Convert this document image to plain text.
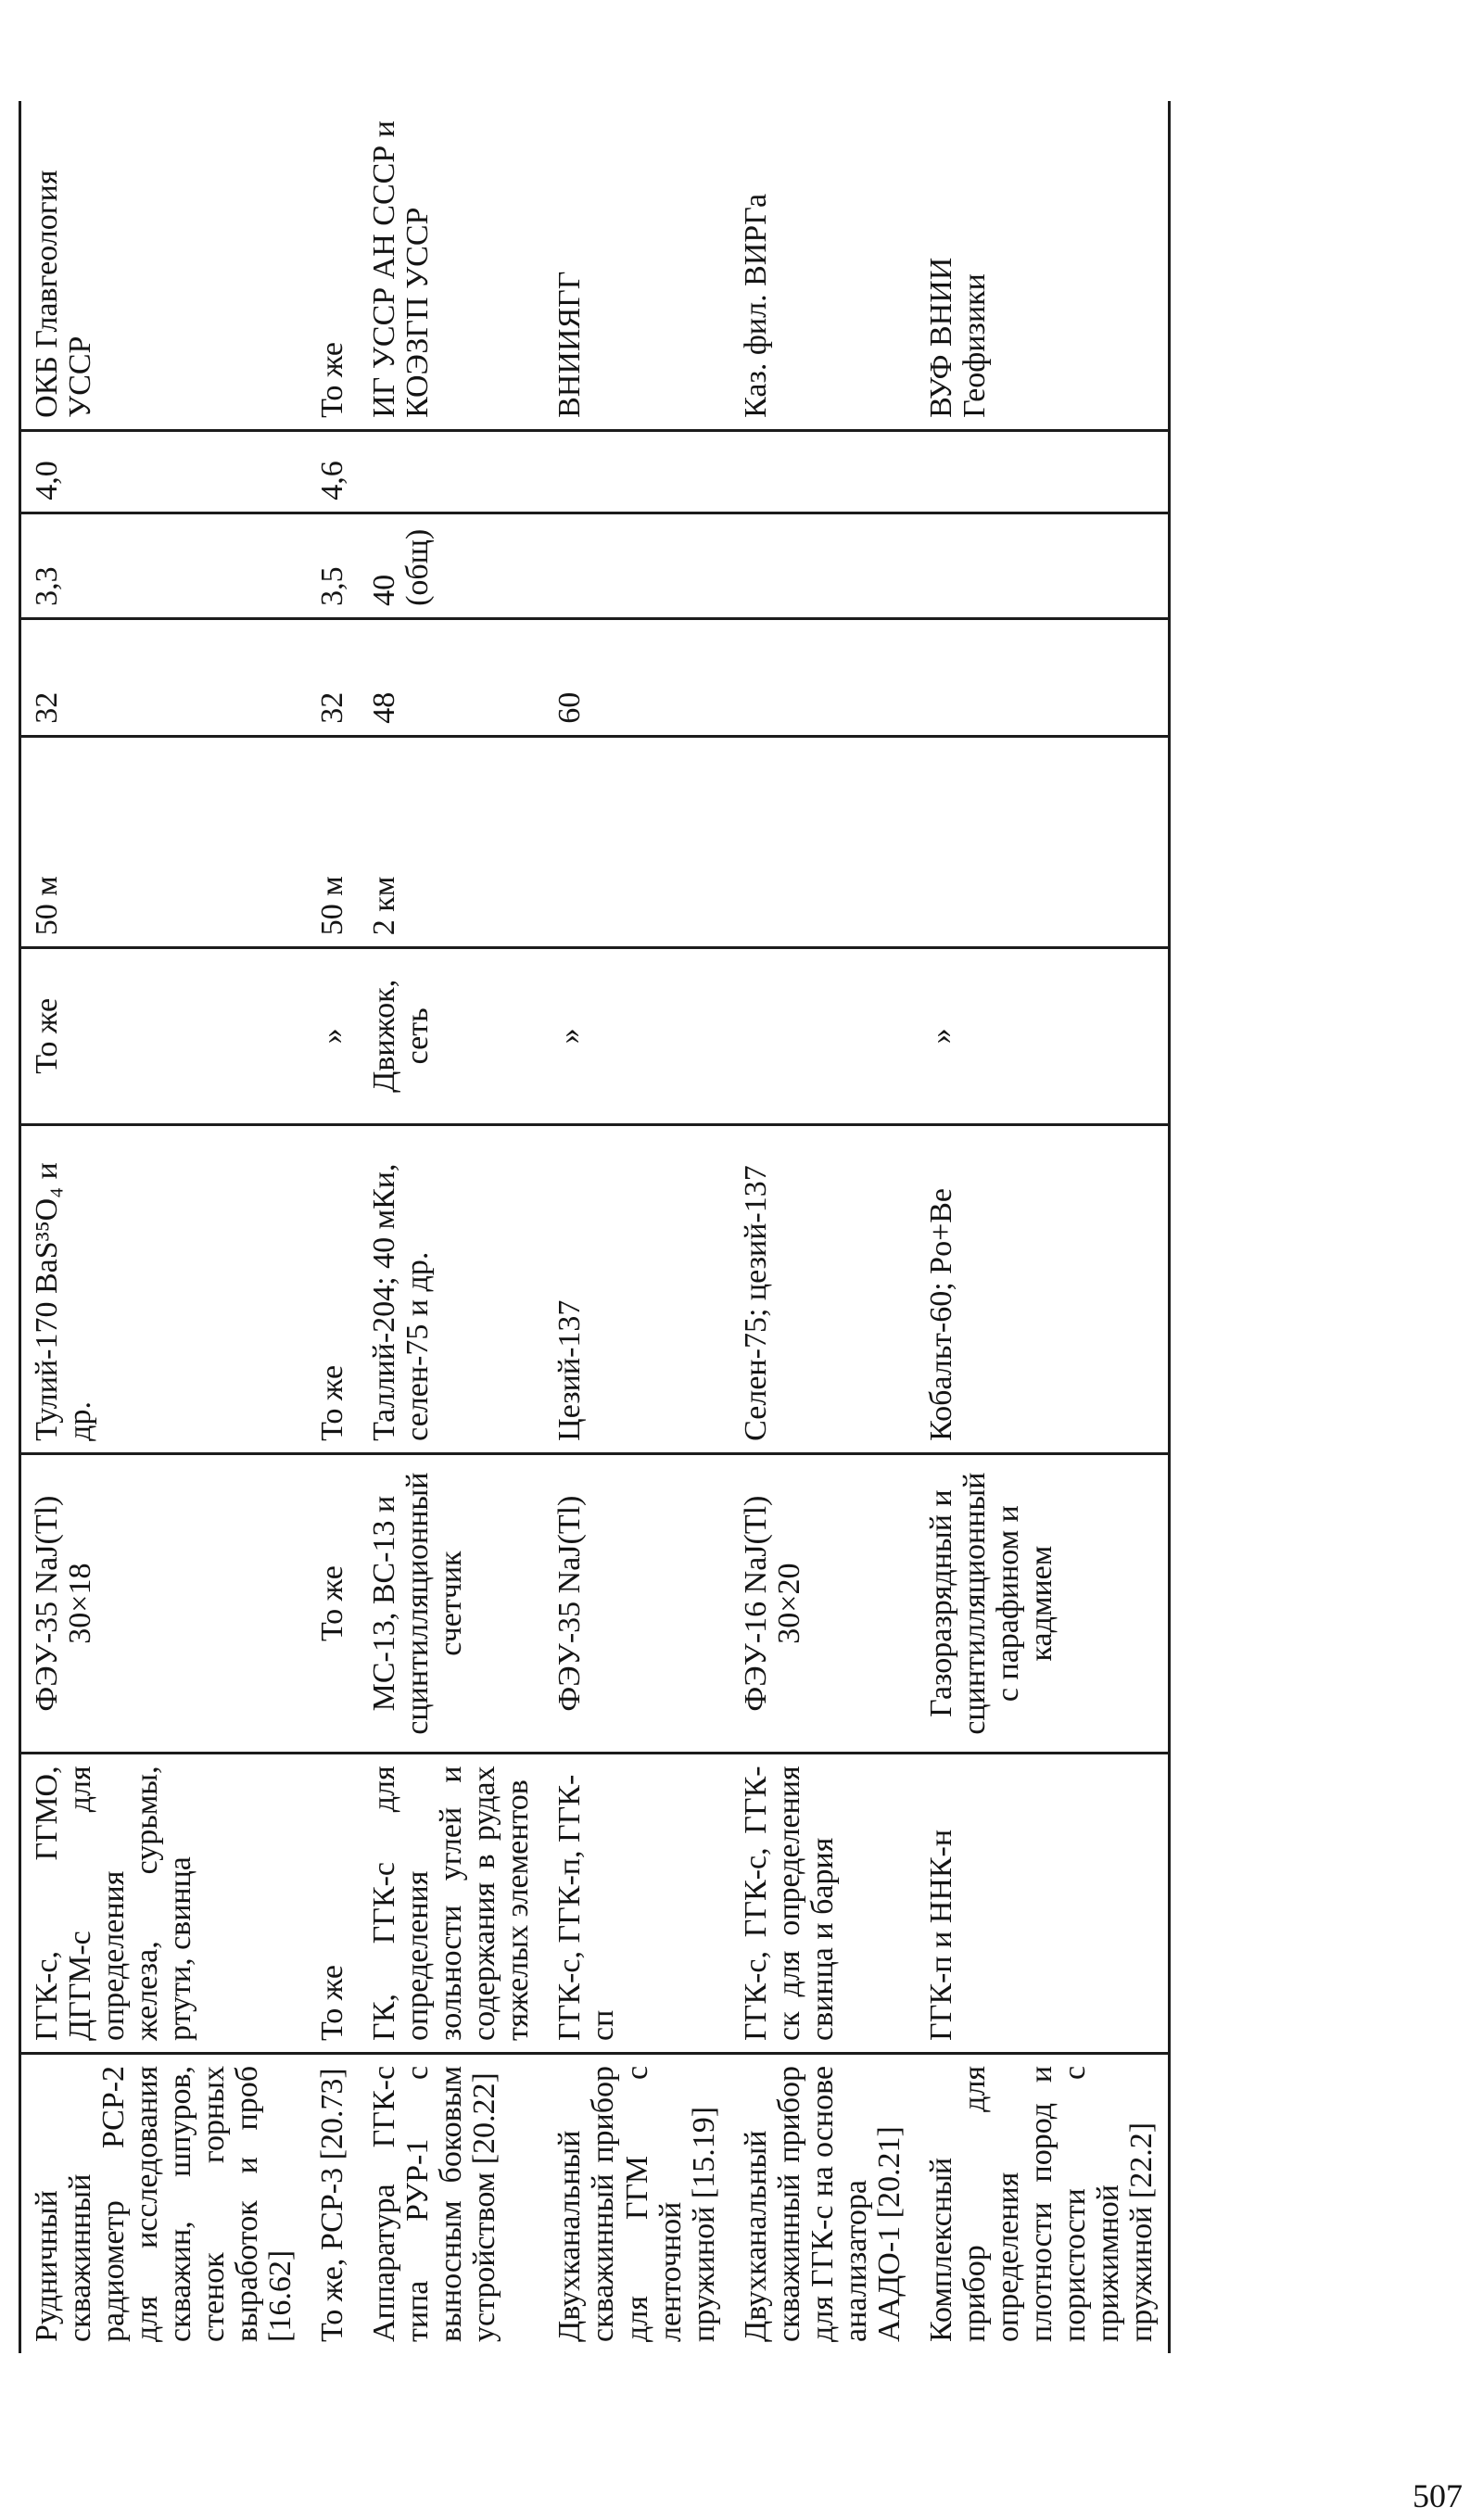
Рудничный скважинный радиометр РСР-2 для исследования скважин, шпуров, стенок горных выработок и проб [16.62]	ГГК-с, ГГМО, ДГГМ-с для определения железа, сурьмы, ртути, свинца	ФЭУ-35 NaJ(Tl) 30×18	Тулий-170 BaS³⁵O₄ и др.	То же	50 м	32	3,3	4,0	ОКБ Главгеология УССР
То же, РСР-3 [20.73]	То же	То же	То же	»	50 м	32	3,5	4,6	То же
Аппаратура ГГК-с типа РУР-1 с выносным боковым устройством [20.22]	ГК, ГГК-с для определения зольности углей и содержания в рудах тяжелых элементов	МС-13, ВС-13 и сцинтилляционный счетчик	Таллий-204; 40 мКи, селен-75 и др.	Движок, сеть	2 км	48	40 (общ)		ИГ УССР АН СССР и КОЭЗГП УССР
Двухканальный скважинный прибор для ГГМ с ленточной пружиной [15.19]	ГГК-с, ГГК-п, ГГК-сп	ФЭУ-35 NaJ(Tl)	Цезий-137	»		60			ВНИИЯГГ
Двухканальный скважинный прибор для ГГК-с на основе анализатора ААДО-1 [20.21]	ГГК-с, ГГК-с, ГГК-ск для определения свинца и бария	ФЭУ-16 NaJ(Tl) 30×20	Селен-75; цезий-137						Каз. фил. ВИРГа
Комплексный прибор для определения плотности пород и пористости с прижимной пружиной [22.2]	ГГК-п и ННК-н	Газоразрядный и сцинтилляционный с парафином и кадмием	Кобальт-60; Po+Be	»					ВУФ ВНИИ Геофизики
507
